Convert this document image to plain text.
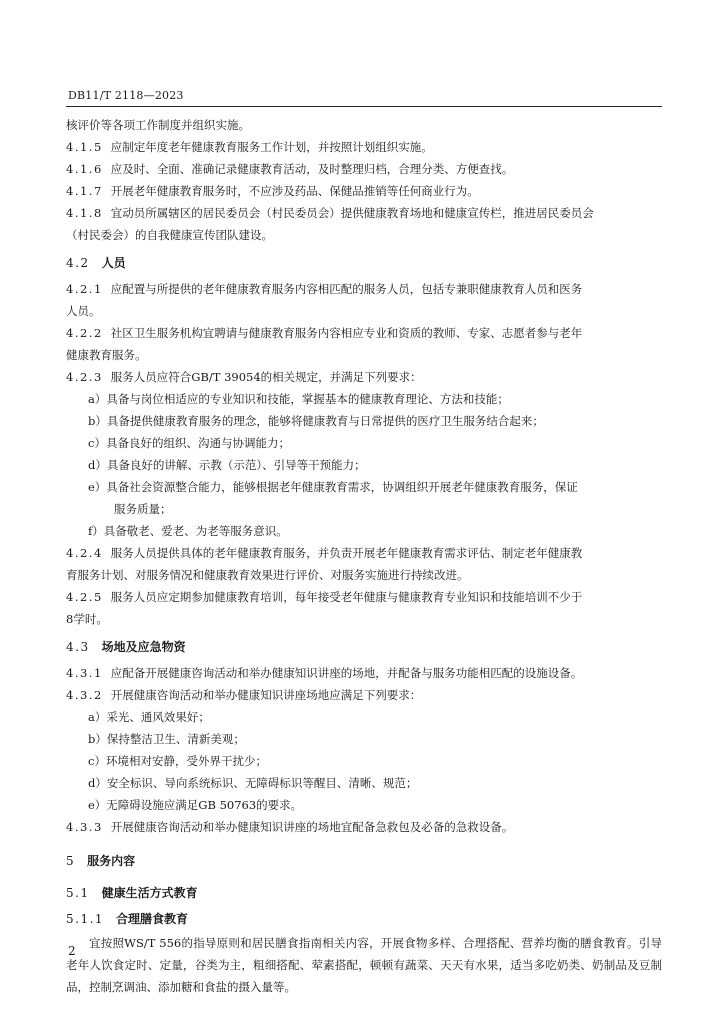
DB11/T 2118—2023

核评价等各项工作制度并组织实施。

4.1.5 应制定年度老年健康教育服务工作计划，并按照计划组织实施。

4.1.6 应及时、全面、准确记录健康教育活动，及时整理归档，合理分类、方便查找。

4.1.7 开展老年健康教育服务时，不应涉及药品、保健品推销等任何商业行为。

4.1.8 宜动员所属辖区的居民委员会（村民委员会）提供健康教育场地和健康宣传栏，推进居民委员会

（村民委会）的自我健康宣传团队建设。

4.2 人员

4.2.1 应配置与所提供的老年健康教育服务内容相匹配的服务人员，包括专兼职健康教育人员和医务

人员。

4.2.2 社区卫生服务机构宜聘请与健康教育服务内容相应专业和资质的教师、专家、志愿者参与老年

健康教育服务。

4.2.3 服务人员应符合GB/T 39054的相关规定，并满足下列要求：

a）具备与岗位相适应的专业知识和技能，掌握基本的健康教育理论、方法和技能；

b）具备提供健康教育服务的理念，能够将健康教育与日常提供的医疗卫生服务结合起来；

c）具备良好的组织、沟通与协调能力；

d）具备良好的讲解、示教（示范）、引导等干预能力；

e）具备社会资源整合能力，能够根据老年健康教育需求，协调组织开展老年健康教育服务，保证

服务质量；

f）具备敬老、爱老、为老等服务意识。

4.2.4 服务人员提供具体的老年健康教育服务，并负责开展老年健康教育需求评估、制定老年健康教

育服务计划、对服务情况和健康教育效果进行评价、对服务实施进行持续改进。

4.2.5 服务人员应定期参加健康教育培训，每年接受老年健康与健康教育专业知识和技能培训不少于

8学时。

4.3 场地及应急物资

4.3.1 应配备开展健康咨询活动和举办健康知识讲座的场地，并配备与服务功能相匹配的设施设备。

4.3.2 开展健康咨询活动和举办健康知识讲座场地应满足下列要求：

a）采光、通风效果好；

b）保持整洁卫生、清新美观；

c）环境相对安静，受外界干扰少；

d）安全标识、导向系统标识、无障碍标识等醒目、清晰、规范；

e）无障碍设施应满足GB 50763的要求。

4.3.3 开展健康咨询活动和举办健康知识讲座的场地宜配备急救包及必备的急救设备。

5 服务内容
5.1 健康生活方式教育
5.1.1 合理膳食教育

宜按照WS/T 556的指导原则和居民膳食指南相关内容，开展食物多样、合理搭配、营养均衡的膳食教育。引导老年人饮食定时、定量，谷类为主，粗细搭配、荤素搭配，顿顿有蔬菜、天天有水果，适当多吃奶类、奶制品及豆制品，控制烹调油、添加糖和食盐的摄入量等。

2
